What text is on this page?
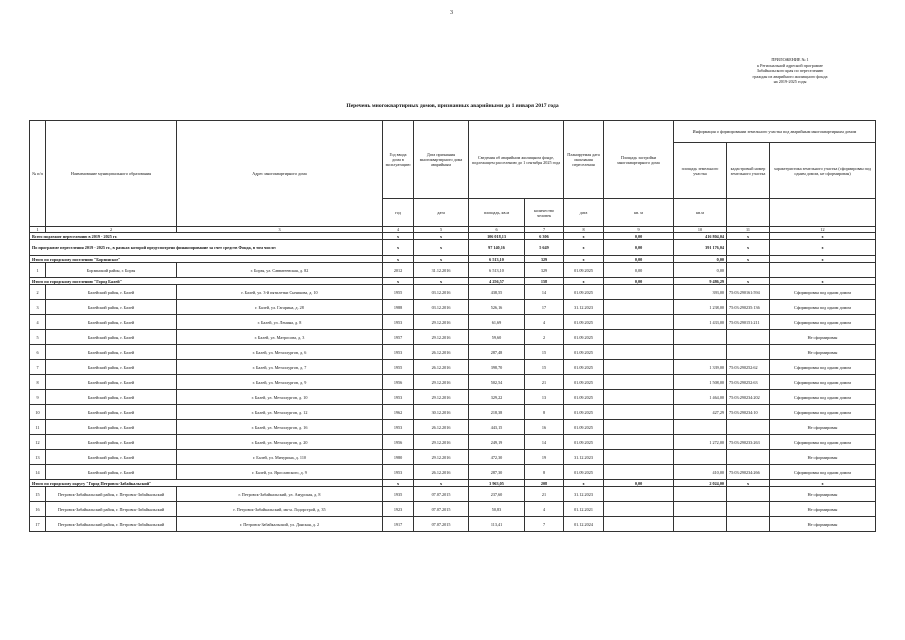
3
ПРИЛОЖЕНИЕ № 1
к Региональной адресной программе
Забайкальского края по переселению
граждан из аварийного жилищного фонда
на 2019-2025 годы
Перечень многоквартирных домов, признанных аварийными до 1 января 2017 года
№ п/п	Наименование муниципального образования	Адрес многоквартирного дома	Год ввода дома в эксплуатацию	Дата признания многоквартирного дома аварийным	Сведения об аварийном жилищном фонде, подлежащем расселению до 1 сентября 2025 года		Планируемая дата окончания переселения	Площадь застройки многоквартирного дома	Информация о формировании земельного участка под аварийным многоквартирным домом		
									площадь земельного участка	кадастровый номер земельного участка	характеристика земельного участка (сформирован под одним домом, не сформирован)
			год	дата	площадь, кв.м	количество человек	дата	кв. м	кв.м		
1	2	3	4	5	6	7	8	9	10	11	12
Всего подлежит переселению в 2019 - 2025 гг.			x	x	106 018,13	6 306	x	0,00	416 804,04	x	x
По программе переселения 2019 - 2025 гг., в рамках которой предусмотрено финансирование за счет средств Фонда, в том числе:			x	x	97 140,16	5 649	x	0,00	391 176,04	x	x
Итого по городскому поселению "Борзинское"			x	x	6 513,10	329	x	0,00	0,00	x	x
1	Борзинский район, г. Борзя	г. Борзя, ул. Савватеевская, д. 82	2012	31.12.2016	6 513,10	329	01.09.2025	0,00	0,00		
Итого по городскому поселению "Город Балей"			x	x	4 256,57	158	x	0,00	9 486,29	x	x
2	Балейский район, г. Балей	г. Балей, ул. 3-й пятилетки Сычикова, д. 10	1955	03.12.2016	438,55	14	01.09.2025		393,00	75:03:290161:594	Сформирован под одним домом
3	Балейский район, г. Балей	г. Балей, ул. Гагарина, д. 28	1988	03.12.2016	526,16	17	31.12.2023		1 238,00	75:03:290235:136	Сформирован под одним домом
4	Балейский район, г. Балей	г. Балей, ул. Ленина, д. 8	1953	29.12.2016	61,69	4	01.09.2025		1 433,00	75:03:290151:211	Сформирован под одним домом
5	Балейский район, г. Балей	г. Балей, ул. Матросова, д. 3	1957	29.12.2016	59,60	2	01.09.2025				Не сформирован
6	Балейский район, г. Балей	г. Балей, ул. Металлургов, д. 6	1953	26.12.2016	287,48	15	01.09.2025				Не сформирован
7	Балейский район, г. Балей	г. Балей, ул. Металлургов, д. 7	1955	26.12.2016	398,70	15	01.09.2025		1 339,00	75:03:290252:62	Сформирован под одним домом
8	Балейский район, г. Балей	г. Балей, ул. Металлургов, д. 9	1956	29.12.2016	502,54	21	01.09.2025		1 508,00	75:03:290252:63	Сформирован под одним домом
9	Балейский район, г. Балей	г. Балей, ул. Металлургов, д. 10	1953	29.12.2016	329,22	13	01.09.2025		1 464,00	75:03:290234:202	Сформирован под одним домом
10	Балейский район, г. Балей	г. Балей, ул. Металлургов, д. 12	1962	30.12.2016	218,38	8	01.09.2025		427,29	75:03:290234:10	Сформирован под одним домом
11	Балейский район, г. Балей	г. Балей, ул. Металлургов, д. 16	1953	26.12.2016	443,15	16	01.09.2025				Не сформирован
12	Балейский район, г. Балей	г. Балей, ул. Металлургов, д. 20	1956	29.12.2016	249,19	14	01.09.2025		1 272,00	75:03:290233:263	Сформирован под одним домом
13	Балейский район, г. Балей	г. Балей, ул. Мичурина, д. 110	1980	29.12.2016	472,30	19	31.12.2023				Не сформирован
14	Балейский район, г. Балей	г. Балей, ул. Ярославского, д. 9	1953	26.12.2016	287,30	8	01.09.2025		410,00	75:03:290234:266	Сформирован под одним домом
Итого по городскому округу "Город Петровск-Забайкальский"			x	x	3 963,05	208	x	0,00	2 024,00	x	x
15	Петровск-Забайкальский район, г. Петровск-Забайкальский	г. Петровск-Забайкальский, ул. Амурская, д. 8	1935	07.07.2015	237,60	21	31.12.2023				Не сформирован
16	Петровск-Забайкальский район, г. Петровск-Забайкальский	г. Петровск-Забайкальский, мк-н. Лодорстрой, д. 35	1923	07.07.2015	50,83	4	01.12.2021				Не сформирован
17	Петровск-Забайкальский район, г. Петровск-Забайкальский	г. Петровск-Забайкальский, ул. Данская, д. 2	1917	07.07.2015	113,41	7	01.12.2024				Не сформирован
